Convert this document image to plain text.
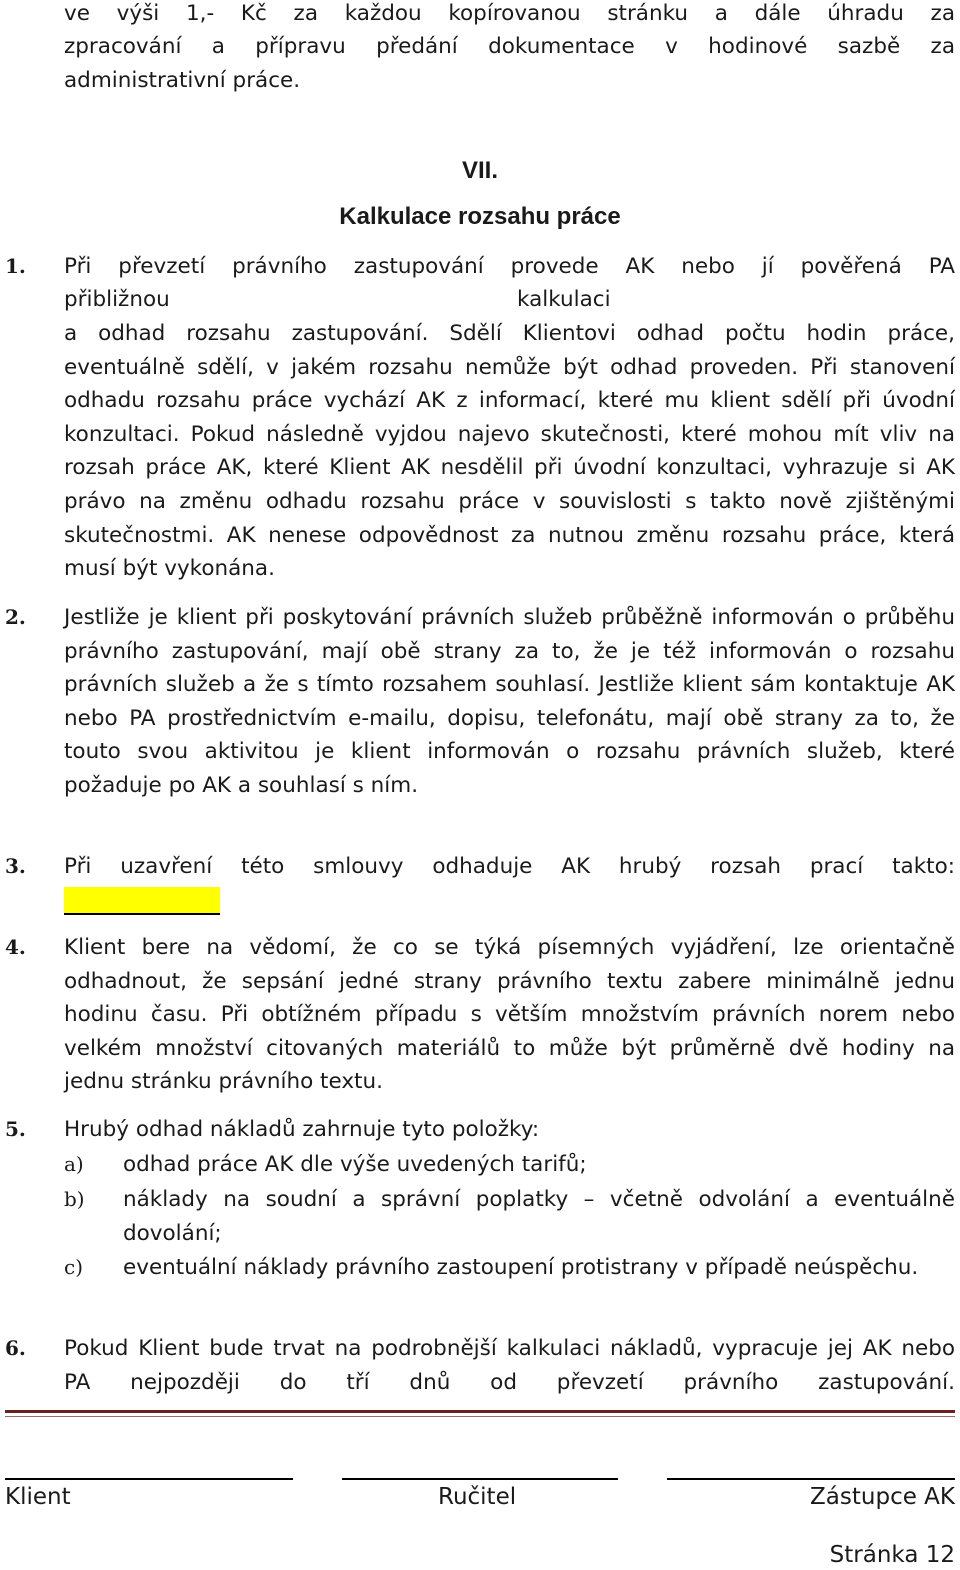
ve výši 1,- Kč za každou kopírovanou stránku a dále úhradu za
zpracování a přípravu předání dokumentace v hodinové sazbě za
administrativní práce.
VII.
Kalkulace rozsahu práce
1. Při převzetí právního zastupování provede AK nebo jí pověřená PA
přibližnou	kalkulaci
a odhad rozsahu zastupování. Sdělí Klientovi odhad počtu hodin práce, eventuálně sdělí, v jakém rozsahu nemůže být odhad proveden. Při stanovení odhadu rozsahu práce vychází AK z informací, které mu klient sdělí při úvodní konzultaci. Pokud následně vyjdou najevo skutečnosti, které mohou mít vliv na rozsah práce AK, které Klient AK nesdělil při úvodní konzultaci, vyhrazuje si AK právo na změnu odhadu rozsahu práce v souvislosti s takto nově zjištěnými skutečnostmi. AK nenese odpovědnost za nutnou změnu rozsahu práce, která musí být vykonána.
2. Jestliže je klient při poskytování právních služeb průběžně informován o průběhu právního zastupování, mají obě strany za to, že je též informován o rozsahu právních služeb a že s tímto rozsahem souhlasí. Jestliže klient sám kontaktuje AK nebo PA prostřednictvím e-mailu, dopisu, telefonátu, mají obě strany za to, že touto svou aktivitou je klient informován o rozsahu právních služeb, které požaduje po AK a souhlasí s ním.
3. Při uzavření této smlouvy odhaduje AK hrubý rozsah prací takto:
4. Klient bere na vědomí, že co se týká písemných vyjádření, lze orientačně odhadnout, že sepsání jedné strany právního textu zabere minimálně jednu hodinu času. Při obtížném případu s větším množstvím právních norem nebo velkém množství citovaných materiálů to může být průměrně dvě hodiny na jednu stránku právního textu.
5. Hrubý odhad nákladů zahrnuje tyto položky:
a) odhad práce AK dle výše uvedených tarifů;
b) náklady na soudní a správní poplatky – včetně odvolání a eventuálně dovolání;
c) eventuální náklady právního zastoupení protistrany v případě neúspěchu.
6. Pokud Klient bude trvat na podrobnější kalkulaci nákladů, vypracuje jej AK nebo PA nejpozději do tří dnů od převzetí právního zastupování.
Klient	Ručitel	Zástupce AK
Stránka 12
